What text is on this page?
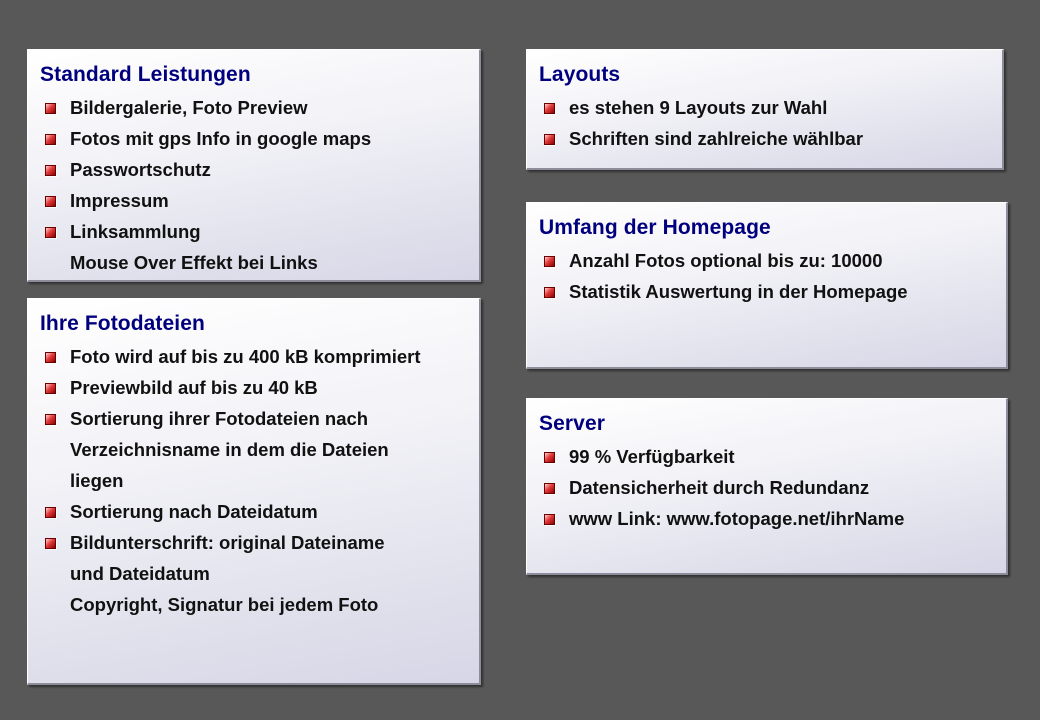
Standard Leistungen
Bildergalerie, Foto Preview
Fotos mit gps Info in google maps
Passwortschutz
Impressum
Linksammlung
Mouse Over Effekt bei Links
Ihre Fotodateien
Foto wird auf bis zu 400 kB komprimiert
Previewbild auf bis zu 40 kB
Sortierung ihrer Fotodateien nach
Verzeichnisname in dem die Dateien
liegen
Sortierung nach Dateidatum
Bildunterschrift: original Dateiname
und Dateidatum
Copyright, Signatur bei jedem Foto
Layouts
es stehen 9 Layouts zur Wahl
Schriften sind zahlreiche wählbar
Umfang der Homepage
Anzahl Fotos optional bis zu: 10000
Statistik Auswertung in der Homepage
Server
99 % Verfügbarkeit
Datensicherheit durch Redundanz
www Link: www.fotopage.net/ihrName
